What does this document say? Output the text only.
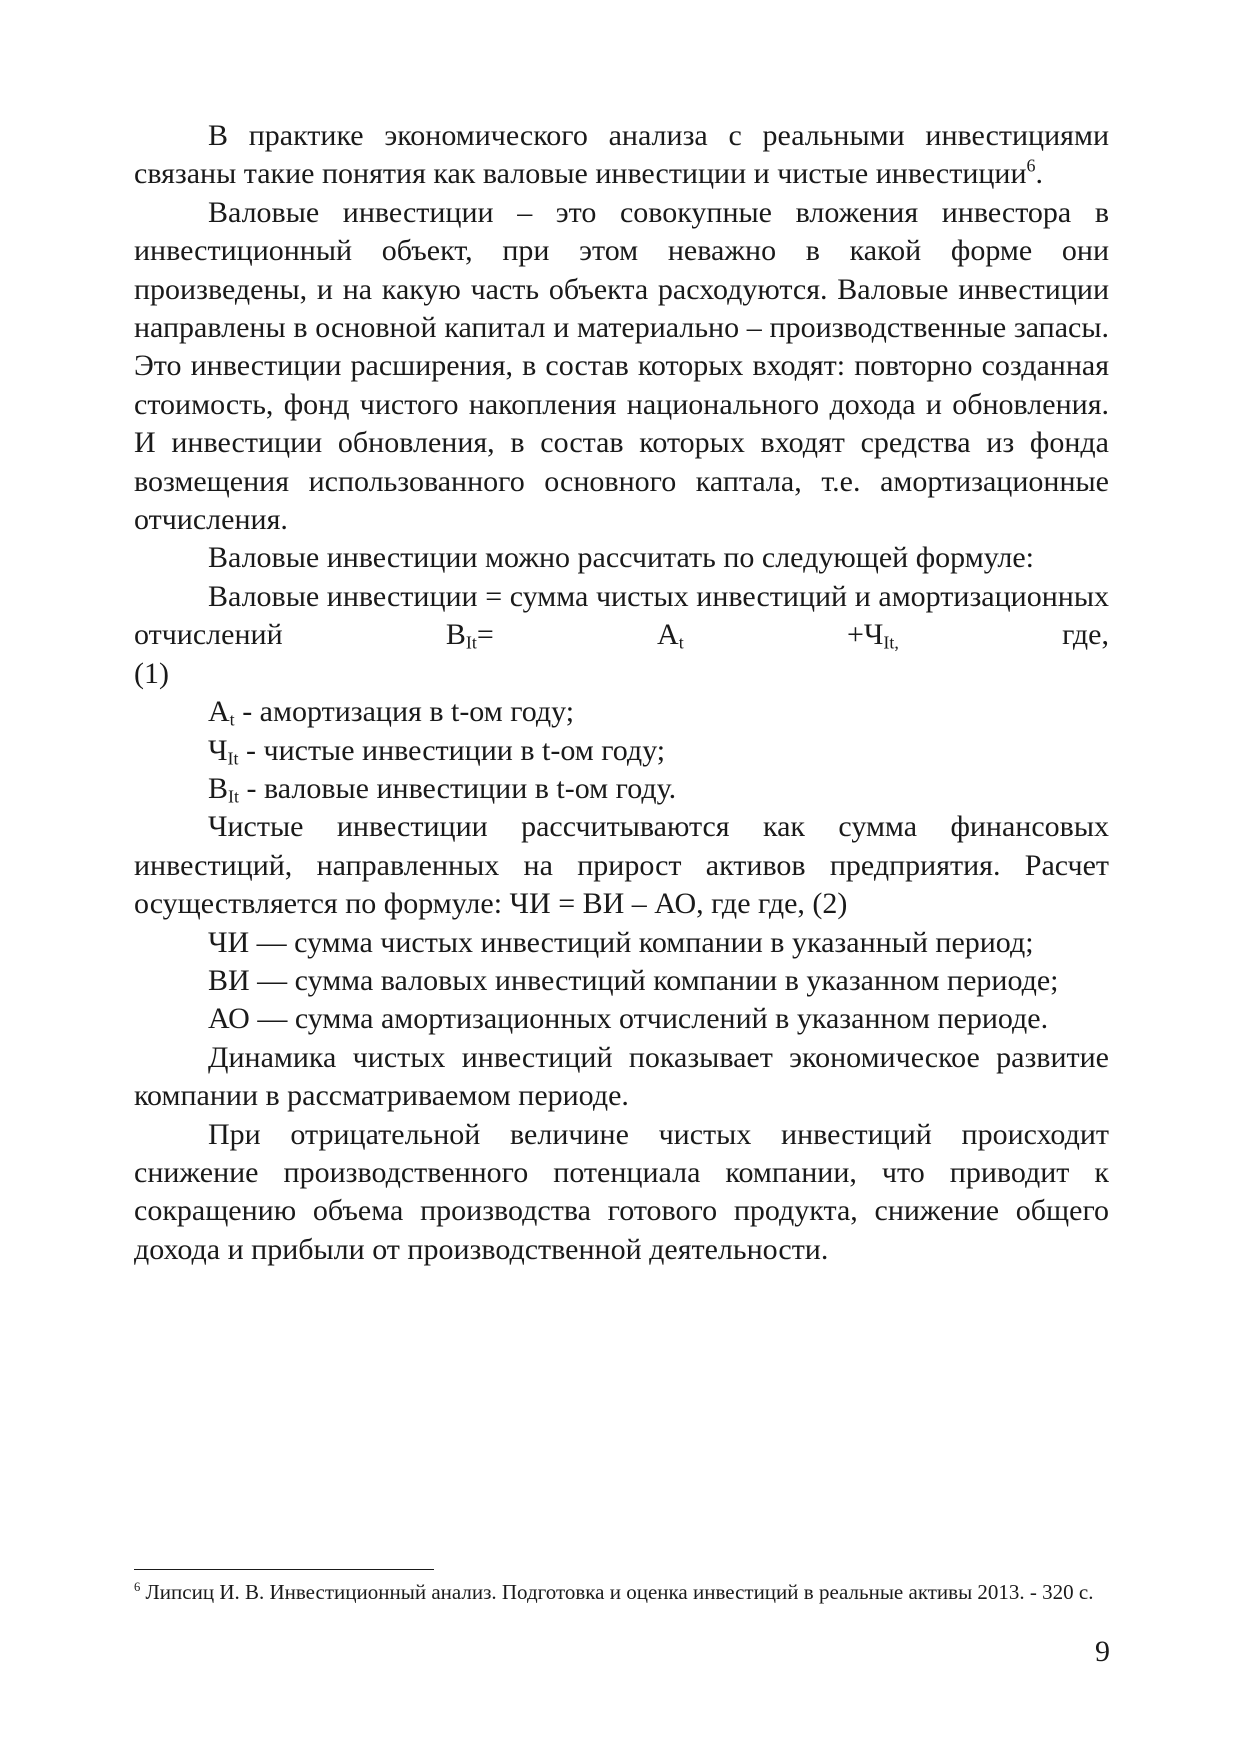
В практике экономического анализа с реальными инвестициями связаны такие понятия как валовые инвестиции и чистые инвестиции$^6$.

Валовые инвестиции – это совокупные вложения инвестора в инвестиционный объект, при этом неважно в какой форме они произведены, и на какую часть объекта расходуются. Валовые инвестиции направлены в основной капитал и материально – производственные запасы. Это инвестиции расширения, в состав которых входят: повторно созданная стоимость, фонд чистого накопления национального дохода и обновления. И инвестиции обновления, в состав которых входят средства из фонда возмещения использованного основного каптала, т.е. амортизационные отчисления.

Валовые инвестиции можно рассчитать по следующей формуле:

Валовые инвестиции = сумма чистых инвестиций и амортизационных отчислений	$В_{It}=$	$А_t$	$+Ч_{It,}$	где,

(1)

$А_t$ - амортизация в t-ом году;

$Ч_{It}$ - чистые инвестиции в t-ом году;

$В_{It}$ - валовые инвестиции в t-ом году.

Чистые инвестиции рассчитываются как сумма финансовых инвестиций, направленных на прирост активов предприятия. Расчет осуществляется по формуле: ЧИ = ВИ – АО, где где, (2)

ЧИ — сумма чистых инвестиций компании в указанный период;

ВИ — сумма валовых инвестиций компании в указанном периоде;

АО — сумма амортизационных отчислений в указанном периоде.

Динамика чистых инвестиций показывает экономическое развитие компании в рассматриваемом периоде.

При отрицательной величине чистых инвестиций происходит снижение производственного потенциала компании, что приводит к сокращению объема производства готового продукта, снижение общего дохода и прибыли от производственной деятельности.

$^6$ Липсиц И. В. Инвестиционный анализ. Подготовка и оценка инвестиций в реальные активы 2013. - 320 с.
9
